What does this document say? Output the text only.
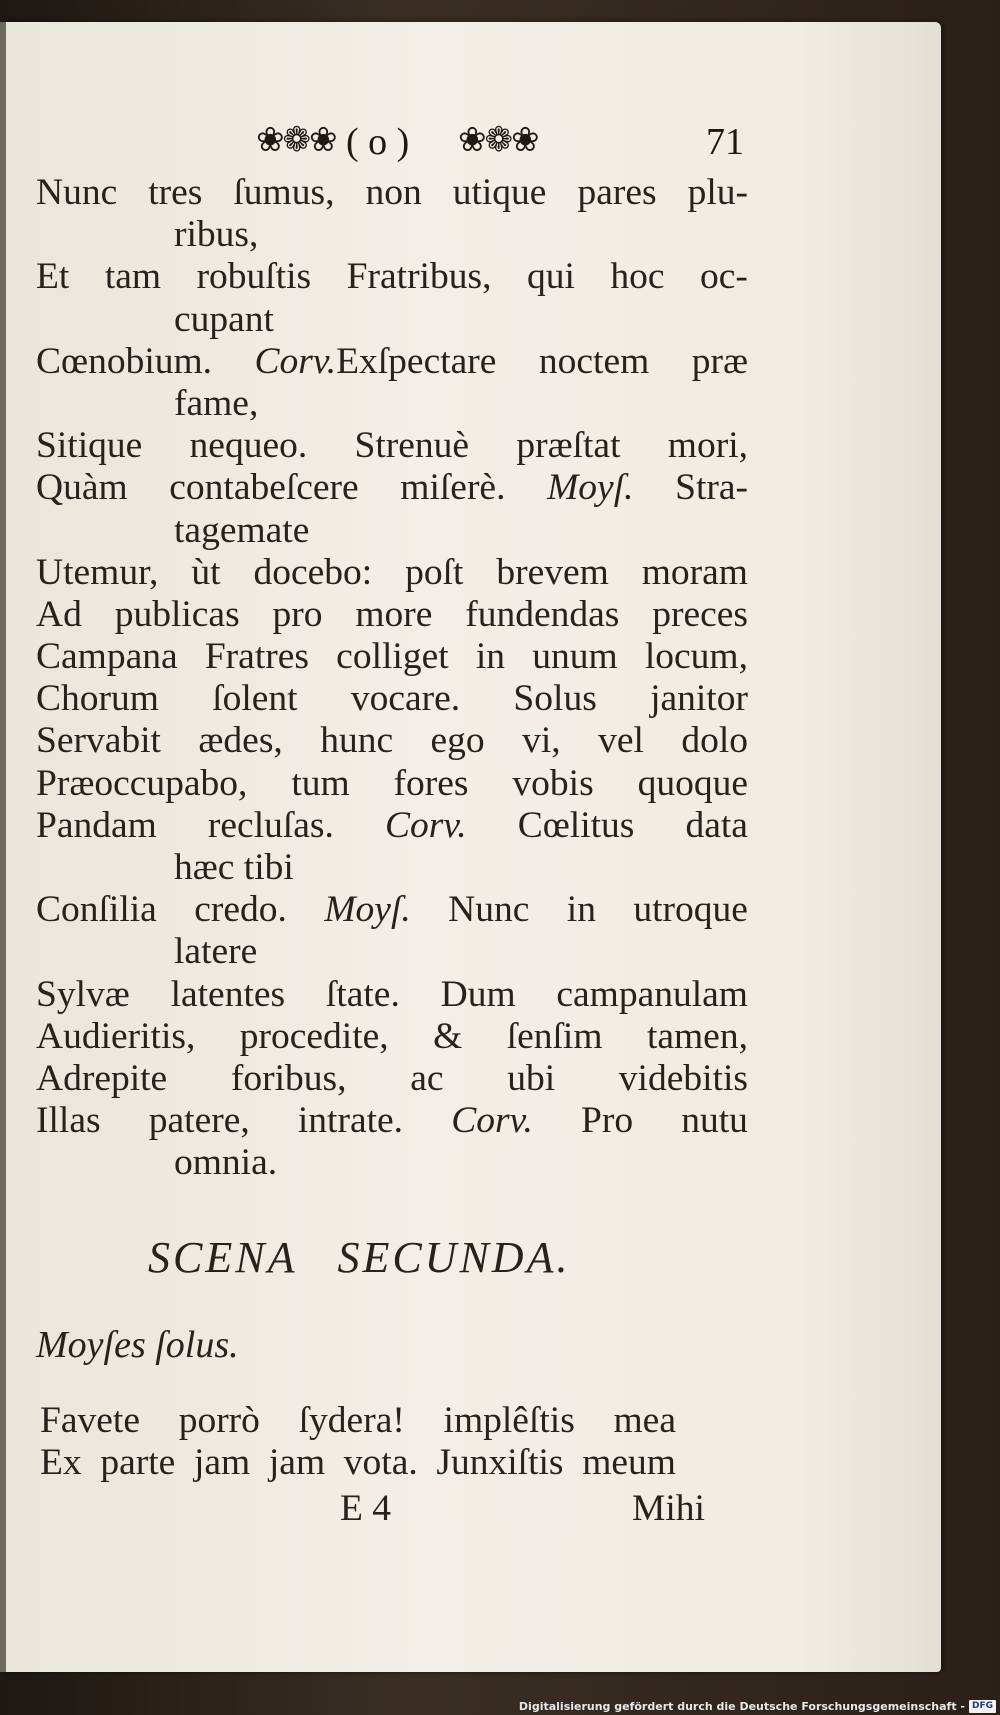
❀❁❀ ( o ) ❀❁❀	71
Nunc tres ſumus, non utique pares plu-
ribus,
Et tam robuſtis Fratribus, qui hoc oc-
cupant
Cœnobium. Corv.Exſpectare noctem præ
fame,
Sitique nequeo. Strenuè præſtat mori,
Quàm contabeſcere miſerè. Moyſ. Stra-
tagemate
Utemur, ùt docebo: poſt brevem moram
Ad publicas pro more fundendas preces
Campana Fratres colliget in unum locum,
Chorum ſolent vocare. Solus janitor
Servabit ædes, hunc ego vi, vel dolo
Præoccupabo, tum fores vobis quoque
Pandam recluſas. Corv. Cœlitus data
hæc tibi
Conſilia credo. Moyſ. Nunc in utroque
latere
Sylvæ latentes ſtate. Dum campanulam
Audieritis, procedite, & ſenſim tamen,
Adrepite foribus, ac ubi videbitis
Illas patere, intrate. Corv. Pro nutu
omnia.
SCENA SECUNDA.
Moyſes ſolus.
Favete porrò ſydera! implêſtis mea
Ex parte jam jam vota. Junxiſtis meum
E 4	Mihi
Digitalisierung gefördert durch die Deutsche Forschungsgemeinschaft - DFG
